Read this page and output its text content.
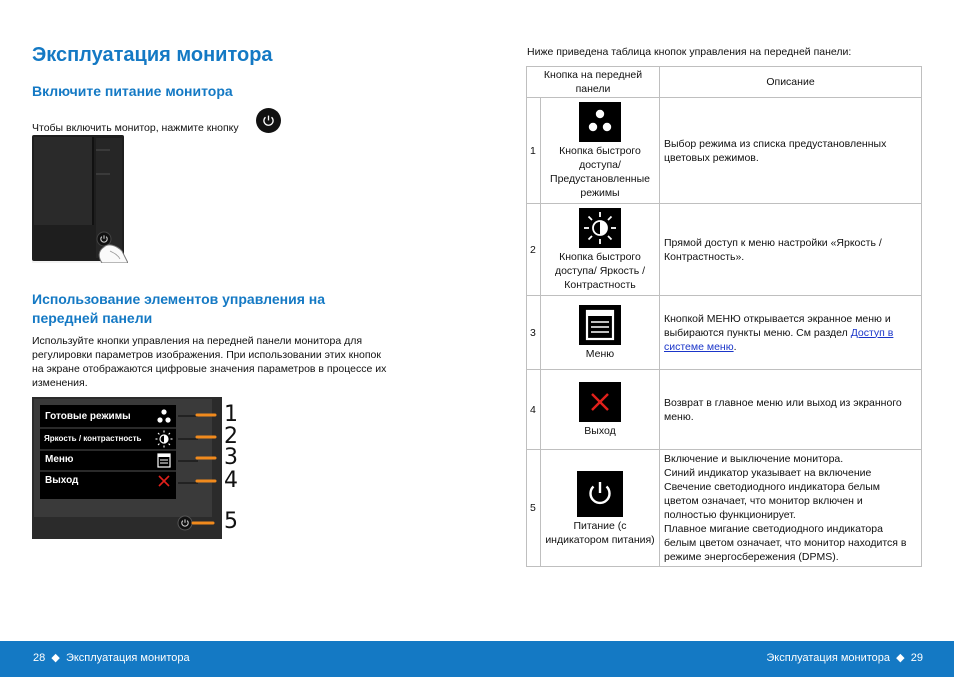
Эксплуатация монитора
Включите питание монитора
Чтобы включить монитор, нажмите кнопку
Использование элементов управления на
передней панели
Используйте кнопки управления на передней панели монитора для
регулировки параметров изображения. При использовании этих кнопок
на экране отображаются цифровые значения параметров в процессе их
изменения.
Готовые режимы
Яркость / контрастность
Меню
Выход
1
2
3
4
5
Ниже приведена таблица кнопок управления на передней панели:
Кнопка на передней панели		Описание
1	Кнопка быстрого доступа/ Предустановленные режимы	Выбор режима из списка предустановленных цветовых режимов.
2	Кнопка быстрого доступа/ Яркость / Контрастность	Прямой доступ к меню настройки «Яркость / Контрастность».
3	Меню	Кнопкой МЕНЮ открывается экранное меню и выбираются пункты меню. См раздел Доступ в системе меню.
4	Выход	Возврат в главное меню или выход из экранного меню.
5	Питание (с индикатором питания)	Включение и выключение монитора.
Синий индикатор указывает на включение
Свечение светодиодного индикатора белым цветом означает, что монитор включен и полностью функционирует.
Плавное мигание светодиодного индикатора белым цветом означает, что монитор находится в режиме энергосбережения (DPMS).
28 ◆ Эксплуатация монитора	Эксплуатация монитора ◆ 29
